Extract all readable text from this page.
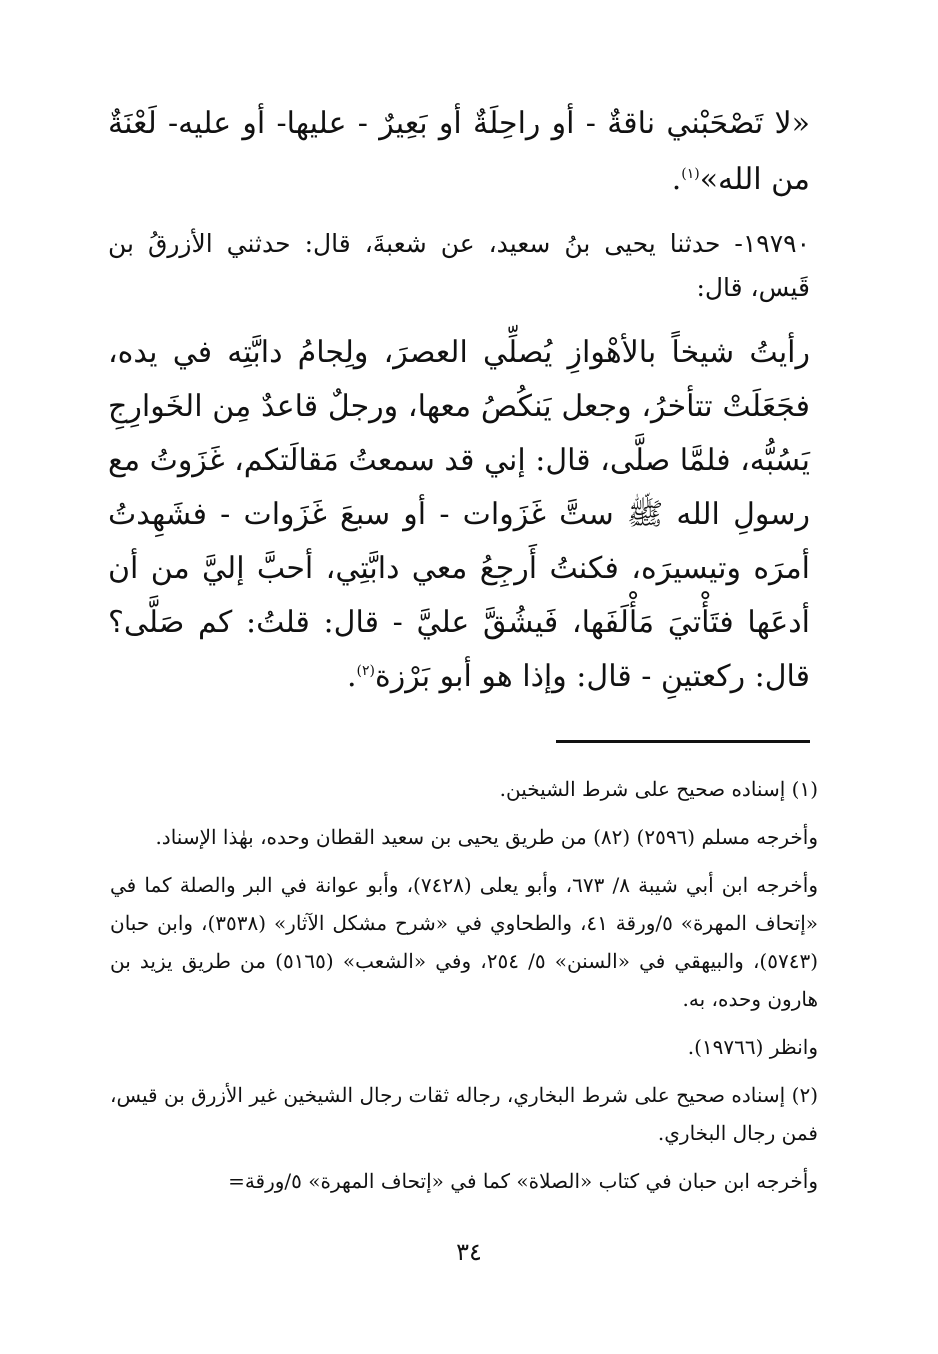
«لا تَصْحَبْني ناقةٌ - أو راحِلَةٌ أو بَعِيرٌ - عليها- أو عليه- لَعْنَةٌ من الله»$^{(١)}$.

١٩٧٩٠- حدثنا يحيى بنُ سعيد، عن شعبةَ، قال: حدثني الأزرقُ بن قَيس، قال:

رأيتُ شيخاً بالأهْوازِ يُصلِّي العصرَ، ولِجامُ دابَّتِه في يده، فجَعَلَتْ تتأخرُ، وجعل يَنكُصُ معها، ورجلٌ قاعدٌ مِن الخَوارِجِ يَسُبُّه، فلمَّا صلَّى، قال: إني قد سمعتُ مَقالَتكم، غَزَوتُ مع رسولِ الله ﷺ ستَّ غَزَوات - أو سبعَ غَزَوات - فشَهِدتُ أمرَه وتيسيرَه، فكنتُ أَرجِعُ معي دابَّتِي، أحبَّ إليَّ من أن أدعَها فتَأْتيَ مَأْلَفَها، فَيشُقَّ عليَّ - قال: قلتُ: كم صَلَّى؟ قال: ركعتينِ - قال: وإذا هو أبو بَرْزة$^{(٢)}$.

(١) إسناده صحيح على شرط الشيخين.

وأخرجه مسلم (٢٥٩٦) (٨٢) من طريق يحيى بن سعيد القطان وحده، بهٰذا الإسناد.

وأخرجه ابن أبي شيبة ٨/ ٦٧٣، وأبو يعلى (٧٤٢٨)، وأبو عوانة في البر والصلة كما في «إتحاف المهرة» ٥/ورقة ٤١، والطحاوي في «شرح مشكل الآثار» (٣٥٣٨)، وابن حبان (٥٧٤٣)، والبيهقي في «السنن» ٥/ ٢٥٤، وفي «الشعب» (٥١٦٥) من طريق يزيد بن هارون وحده، به.

وانظر (١٩٧٦٦).

(٢) إسناده صحيح على شرط البخاري، رجاله ثقات رجال الشيخين غير الأزرق بن قيس، فمن رجال البخاري.

وأخرجه ابن حبان في كتاب «الصلاة» كما في «إتحاف المهرة» ٥/ورقة=

٣٤
